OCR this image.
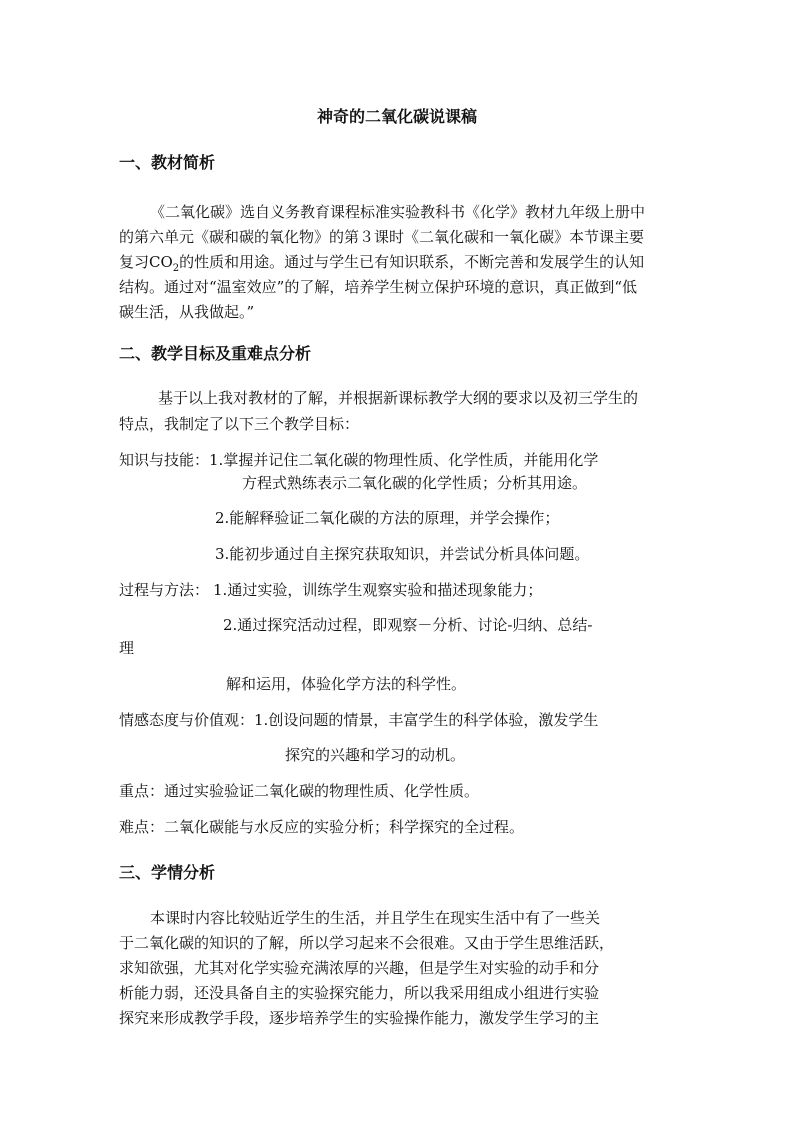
神奇的二氧化碳说课稿
一、教材简析
《二氧化碳》选自义务教育课程标准实验教科书《化学》教材九年级上册中
的第六单元《碳和碳的氧化物》的第３课时《二氧化碳和一氧化碳》本节课主要
复习$CO_2$的性质和用途。通过与学生已有知识联系，不断完善和发展学生的认知
结构。通过对“温室效应”的了解，培养学生树立保护环境的意识，真正做到“低
碳生活，从我做起。”
二、教学目标及重难点分析
基于以上我对教材的了解，并根据新课标教学大纲的要求以及初三学生的
特点，我制定了以下三个教学目标：
知识与技能：1.掌握并记住二氧化碳的物理性质、化学性质，并能用化学
方程式熟练表示二氧化碳的化学性质；分析其用途。
2.能解释验证二氧化碳的方法的原理，并学会操作；
3.能初步通过自主探究获取知识，并尝试分析具体问题。
过程与方法： 1.通过实验，训练学生观察实验和描述现象能力；
2.通过探究活动过程，即观察－分析、讨论-归纳、总结-
理
解和运用，体验化学方法的科学性。
情感态度与价值观：1.创设问题的情景，丰富学生的科学体验，激发学生
探究的兴趣和学习的动机。
重点：通过实验验证二氧化碳的物理性质、化学性质。
难点：二氧化碳能与水反应的实验分析；科学探究的全过程。
三、学情分析
本课时内容比较贴近学生的生活，并且学生在现实生活中有了一些关
于二氧化碳的知识的了解，所以学习起来不会很难。又由于学生思维活跃，
求知欲强，尤其对化学实验充满浓厚的兴趣，但是学生对实验的动手和分
析能力弱，还没具备自主的实验探究能力，所以我采用组成小组进行实验
探究来形成教学手段，逐步培养学生的实验操作能力，激发学生学习的主
